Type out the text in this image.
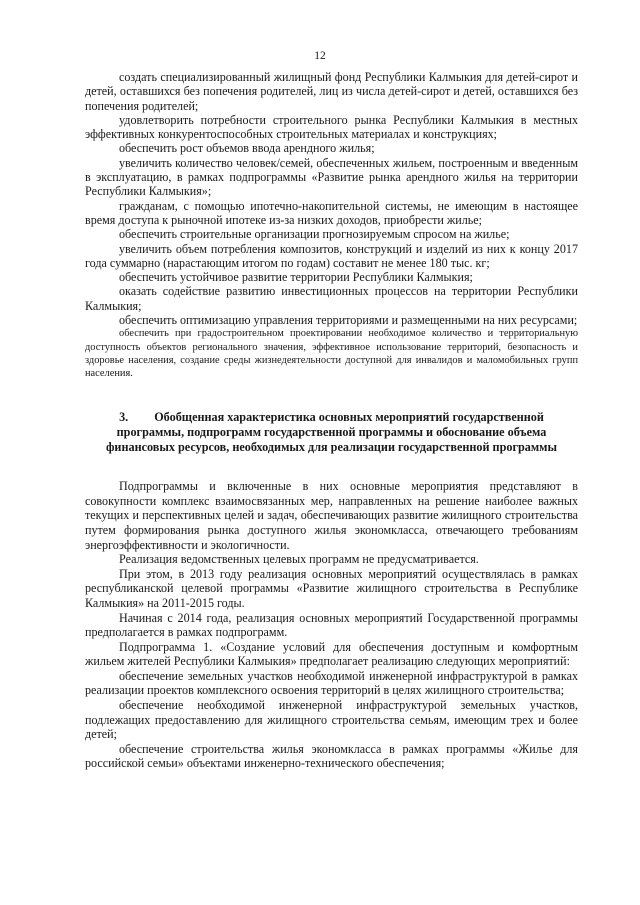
12

создать специализированный жилищный фонд Республики Калмыкия для детей-сирот и детей, оставшихся без попечения родителей, лиц из числа детей-сирот и детей, оставшихся без попечения родителей;

удовлетворить потребности строительного рынка Республики Калмыкия в местных эффективных конкурентоспособных строительных материалах и конструкциях;

обеспечить рост объемов ввода арендного жилья;

увеличить количество человек/семей, обеспеченных жильем, построенным и введенным в эксплуатацию, в рамках подпрограммы «Развитие рынка арендного жилья на территории Республики Калмыкия»;

гражданам, с помощью ипотечно-накопительной системы, не имеющим в настоящее время доступа к рыночной ипотеке из-за низких доходов, приобрести жилье;

обеспечить строительные организации прогнозируемым спросом на жилье;

увеличить объем потребления композитов, конструкций и изделий из них к концу 2017 года суммарно (нарастающим итогом по годам) составит не менее 180 тыс. кг;

обеспечить устойчивое развитие территории Республики Калмыкия;

оказать содействие развитию инвестиционных процессов на территории Республики Калмыкия;

обеспечить оптимизацию управления территориями и размещенными на них ресурсами;

обеспечить при градостроительном проектировании необходимое количество и территориальную доступность объектов регионального значения, эффективное использование территорий, безопасность и здоровье населения, создание среды жизнедеятельности доступной для инвалидов и маломобильных групп населения.

3. Обобщенная характеристика основных мероприятий государственной программы, подпрограмм государственной программы и обоснование объема финансовых ресурсов, необходимых для реализации государственной программы

Подпрограммы и включенные в них основные мероприятия представляют в совокупности комплекс взаимосвязанных мер, направленных на решение наиболее важных текущих и перспективных целей и задач, обеспечивающих развитие жилищного строительства путем формирования рынка доступного жилья экономкласса, отвечающего требованиям энергоэффективности и экологичности.

Реализация ведомственных целевых программ не предусматривается.

При этом, в 2013 году реализация основных мероприятий осуществлялась в рамках республиканской целевой программы «Развитие жилищного строительства в Республике Калмыкия» на 2011-2015 годы.

Начиная с 2014 года, реализация основных мероприятий Государственной программы предполагается в рамках подпрограмм.

Подпрограмма 1. «Создание условий для обеспечения доступным и комфортным жильем жителей Республики Калмыкия» предполагает реализацию следующих мероприятий:

обеспечение земельных участков необходимой инженерной инфраструктурой в рамках реализации проектов комплексного освоения территорий в целях жилищного строительства;

обеспечение необходимой инженерной инфраструктурой земельных участков, подлежащих предоставлению для жилищного строительства семьям, имеющим трех и более детей;

обеспечение строительства жилья экономкласса в рамках программы «Жилье для российской семьи» объектами инженерно-технического обеспечения;
